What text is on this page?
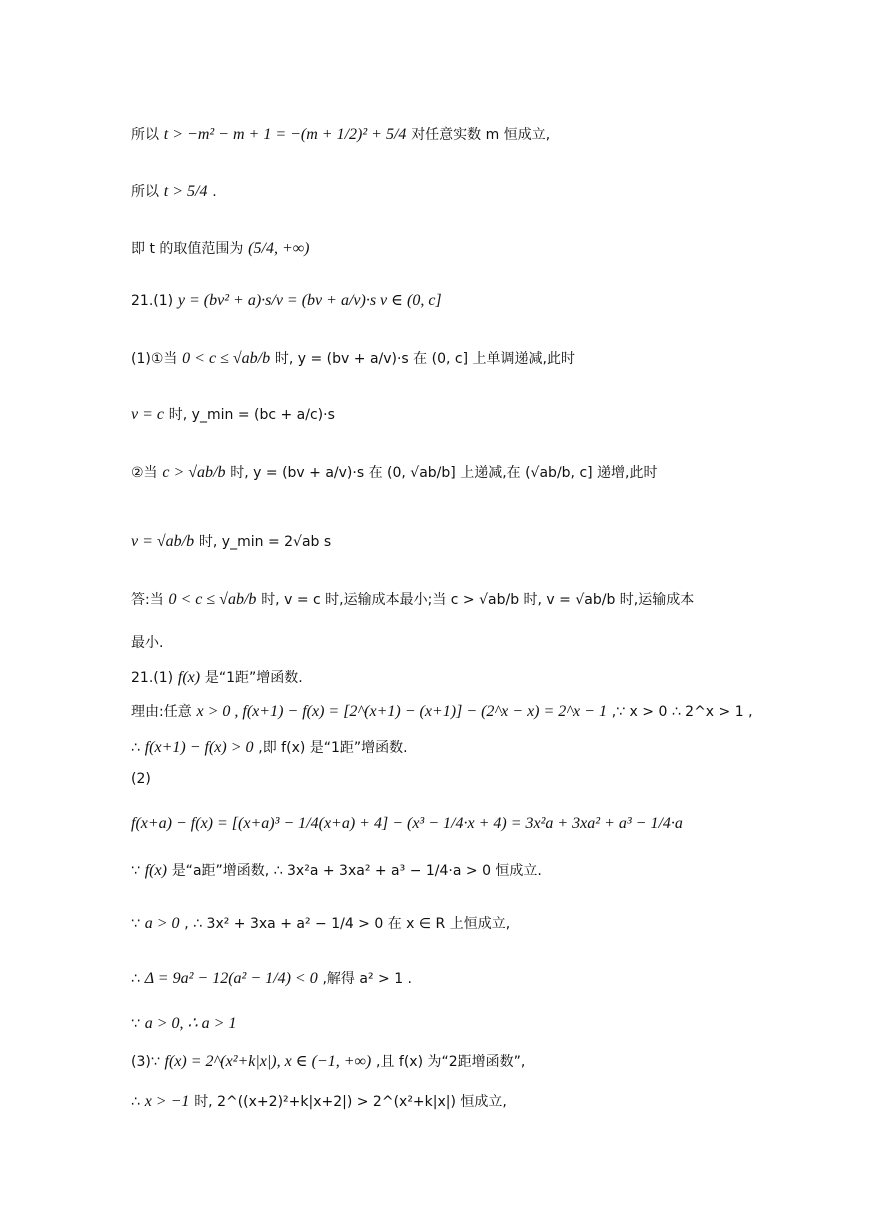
所以 t > −m² − m + 1 = −(m + 1/2)² + 5/4 对任意实数 m 恒成立,
所以 t > 5/4 .
即 t 的取值范围为 (5/4, +∞)
21.(1) y = (bv² + a)·s/v = (bv + a/v)·s v ∈ (0, c]
(1)①当 0 < c ≤ √ab/b 时, y = (bv + a/v)·s 在 (0, c] 上单调递减,此时
v = c 时, y_min = (bc + a/c)·s
②当 c > √ab/b 时, y = (bv + a/v)·s 在 (0, √ab/b] 上递减,在 (√ab/b, c] 递增,此时
v = √ab/b 时, y_min = 2√ab s
答:当 0 < c ≤ √ab/b 时, v = c 时,运输成本最小;当 c > √ab/b 时, v = √ab/b 时,运输成本
最小.
21.(1) f(x) 是“1距”增函数.
理由:任意 x > 0 , f(x+1) − f(x) = [2^(x+1) − (x+1)] − (2^x − x) = 2^x − 1 ,∵ x > 0 ∴ 2^x > 1 ,
∴ f(x+1) − f(x) > 0 ,即 f(x) 是“1距”增函数.
(2)
f(x+a) − f(x) = [(x+a)³ − 1/4(x+a) + 4] − (x³ − 1/4·x + 4) = 3x²a + 3xa² + a³ − 1/4·a
∵ f(x) 是“a距”增函数, ∴ 3x²a + 3xa² + a³ − 1/4·a > 0 恒成立.
∵ a > 0 , ∴ 3x² + 3xa + a² − 1/4 > 0 在 x ∈ R 上恒成立,
∴ Δ = 9a² − 12(a² − 1/4) < 0 ,解得 a² > 1 .
∵ a > 0, ∴ a > 1
(3)∵ f(x) = 2^(x²+k|x|), x ∈ (−1, +∞) ,且 f(x) 为“2距增函数”,
∴ x > −1 时, 2^((x+2)²+k|x+2|) > 2^(x²+k|x|) 恒成立,
